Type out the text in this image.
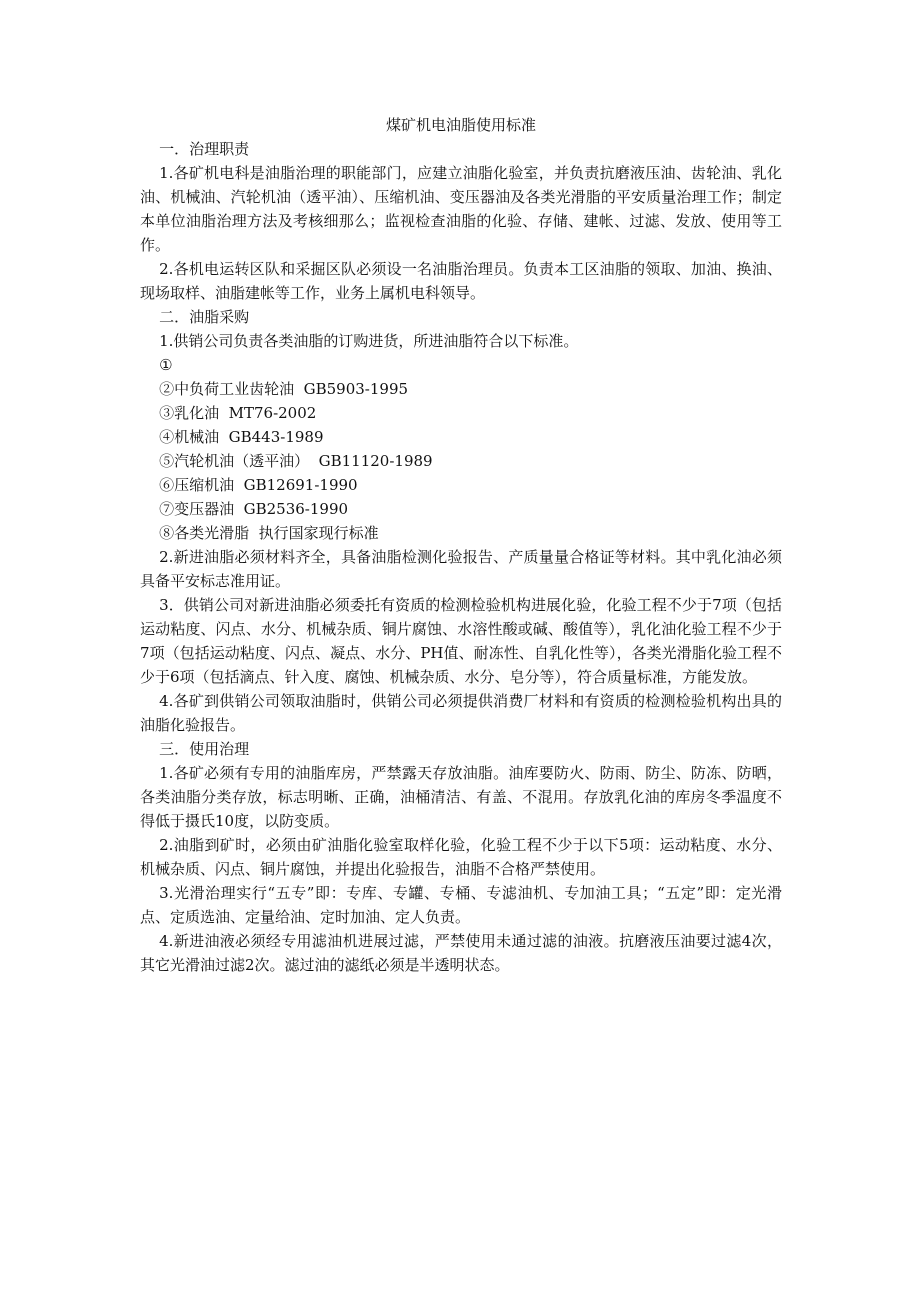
煤矿机电油脂使用标准

一．治理职责

1.各矿机电科是油脂治理的职能部门，应建立油脂化验室，并负责抗磨液压油、齿轮油、乳化油、机械油、汽轮机油（透平油）、压缩机油、变压器油及各类光滑脂的平安质量治理工作；制定本单位油脂治理方法及考核细那么；监视检查油脂的化验、存储、建帐、过滤、发放、使用等工作。

2.各机电运转区队和采掘区队必须设一名油脂治理员。负责本工区油脂的领取、加油、换油、现场取样、油脂建帐等工作，业务上属机电科领导。

二．油脂采购

1.供销公司负责各类油脂的订购进货，所进油脂符合以下标准。

①

②中负荷工业齿轮油  GB5903-1995

③乳化油  MT76-2002

④机械油  GB443-1989

⑤汽轮机油（透平油）  GB11120-1989

⑥压缩机油  GB12691-1990

⑦变压器油  GB2536-1990

⑧各类光滑脂  执行国家现行标准

2.新进油脂必须材料齐全，具备油脂检测化验报告、产质量量合格证等材料。其中乳化油必须具备平安标志准用证。

3．供销公司对新进油脂必须委托有资质的检测检验机构进展化验，化验工程不少于7项（包括运动粘度、闪点、水分、机械杂质、铜片腐蚀、水溶性酸或碱、酸值等），乳化油化验工程不少于7项（包括运动粘度、闪点、凝点、水分、PH值、耐冻性、自乳化性等），各类光滑脂化验工程不少于6项（包括滴点、针入度、腐蚀、机械杂质、水分、皂分等），符合质量标准，方能发放。

4.各矿到供销公司领取油脂时，供销公司必须提供消费厂材料和有资质的检测检验机构出具的油脂化验报告。

三．使用治理

1.各矿必须有专用的油脂库房，严禁露天存放油脂。油库要防火、防雨、防尘、防冻、防晒，各类油脂分类存放，标志明晰、正确，油桶清洁、有盖、不混用。存放乳化油的库房冬季温度不得低于摄氏10度，以防变质。

2.油脂到矿时，必须由矿油脂化验室取样化验，化验工程不少于以下5项：运动粘度、水分、机械杂质、闪点、铜片腐蚀，并提出化验报告，油脂不合格严禁使用。

3.光滑治理实行“五专”即：专库、专罐、专桶、专滤油机、专加油工具；“五定”即：定光滑点、定质选油、定量给油、定时加油、定人负责。

4.新进油液必须经专用滤油机进展过滤，严禁使用未通过滤的油液。抗磨液压油要过滤4次，其它光滑油过滤2次。滤过油的滤纸必须是半透明状态。
